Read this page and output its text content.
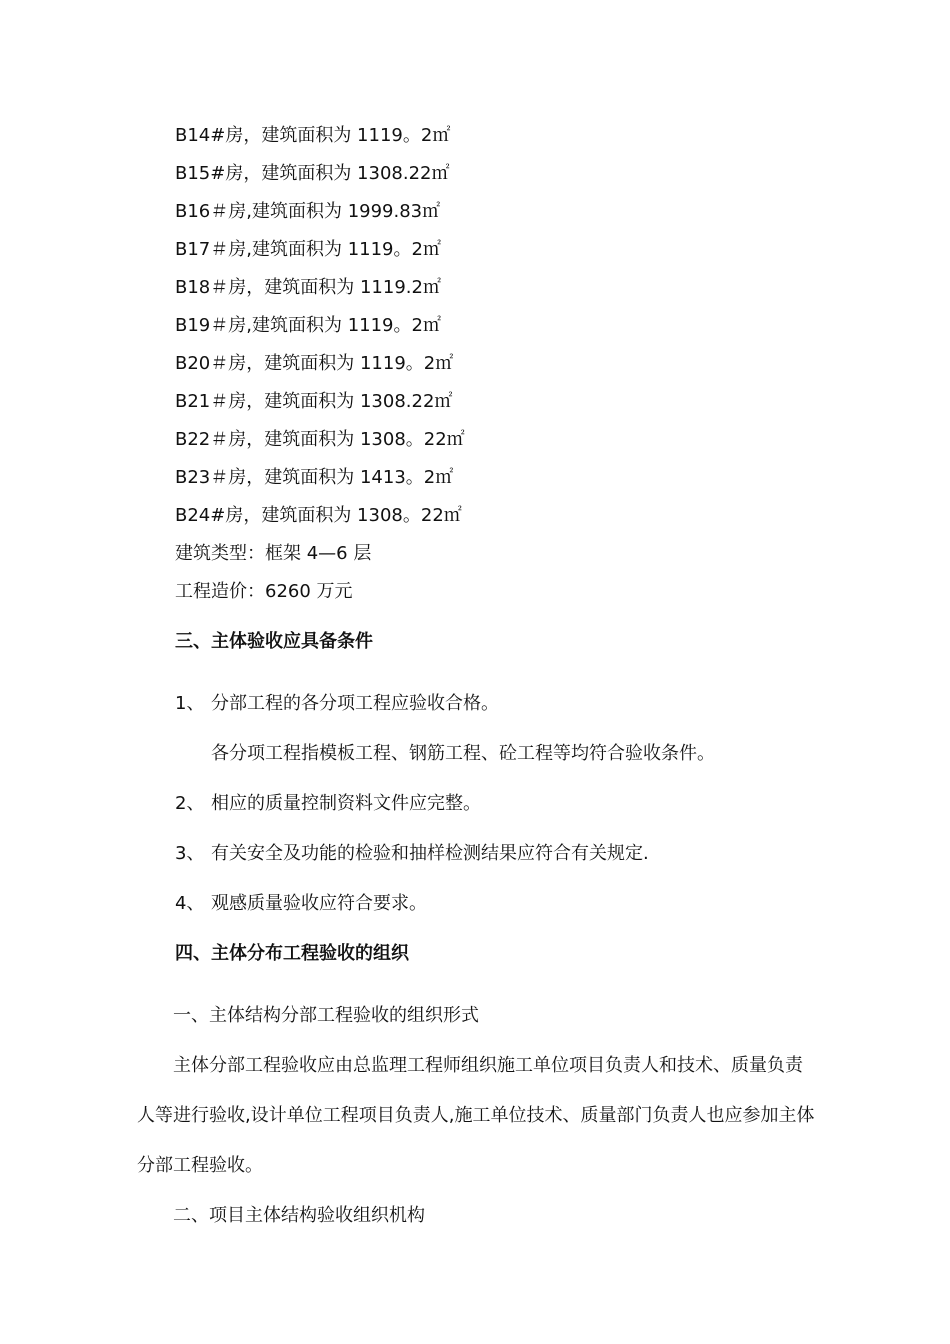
B14#房，建筑面积为 1119。2㎡
B15#房，建筑面积为 1308.22㎡
B16＃房,建筑面积为 1999.83㎡
B17＃房,建筑面积为 1119。2㎡
B18＃房，建筑面积为 1119.2㎡
B19＃房,建筑面积为 1119。2㎡
B20＃房，建筑面积为 1119。2㎡
B21＃房，建筑面积为 1308.22㎡
B22＃房，建筑面积为 1308。22㎡
B23＃房，建筑面积为 1413。2㎡
B24#房，建筑面积为 1308。22㎡
建筑类型：框架 4—6 层
工程造价：6260 万元
三、主体验收应具备条件
1、 分部工程的各分项工程应验收合格。
各分项工程指模板工程、钢筋工程、砼工程等均符合验收条件。
2、 相应的质量控制资料文件应完整。
3、 有关安全及功能的检验和抽样检测结果应符合有关规定.
4、 观感质量验收应符合要求。
四、主体分布工程验收的组织
一、主体结构分部工程验收的组织形式
主体分部工程验收应由总监理工程师组织施工单位项目负责人和技术、质量负责
人等进行验收,设计单位工程项目负责人,施工单位技术、质量部门负责人也应参加主体
分部工程验收。
二、项目主体结构验收组织机构
